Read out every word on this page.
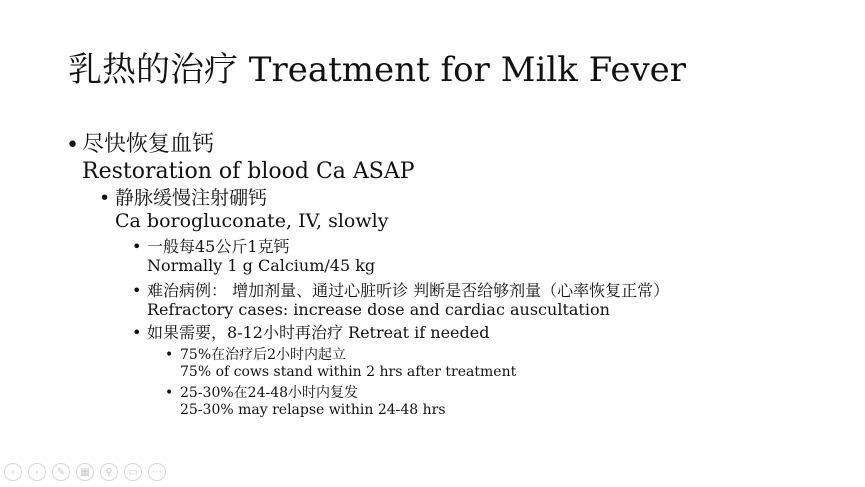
乳热的治疗 Treatment for Milk Fever
• 尽快恢复血钙
Restoration of blood Ca ASAP
• 静脉缓慢注射硼钙
Ca borogluconate, IV, slowly
• 一般每45公斤1克钙
Normally 1 g Calcium/45 kg
• 难治病例： 增加剂量、通过心脏听诊 判断是否给够剂量（心率恢复正常）
Refractory cases: increase dose and cardiac auscultation
• 如果需要，8-12小时再治疗 Retreat if needed
• 75%在治疗后2小时内起立
75% of cows stand within 2 hrs after treatment
• 25-30%在24-48小时内复发
25-30% may relapse within 24-48 hrs
‹ › ✎ ▦ ⚲ ▭ ⋯
